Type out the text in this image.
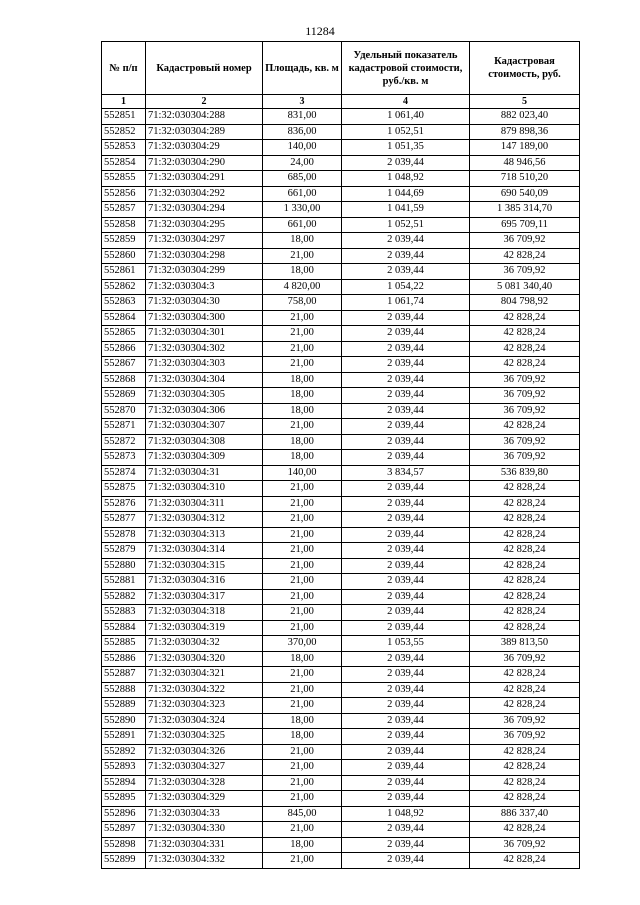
11284
№ п/п	Кадастровый номер	Площадь, кв. м	Удельный показатель кадастровой стоимости, руб./кв. м	Кадастровая стоимость, руб.
1	2	3	4	5
552851	71:32:030304:288	831,00	1 061,40	882 023,40
552852	71:32:030304:289	836,00	1 052,51	879 898,36
552853	71:32:030304:29	140,00	1 051,35	147 189,00
552854	71:32:030304:290	24,00	2 039,44	48 946,56
552855	71:32:030304:291	685,00	1 048,92	718 510,20
552856	71:32:030304:292	661,00	1 044,69	690 540,09
552857	71:32:030304:294	1 330,00	1 041,59	1 385 314,70
552858	71:32:030304:295	661,00	1 052,51	695 709,11
552859	71:32:030304:297	18,00	2 039,44	36 709,92
552860	71:32:030304:298	21,00	2 039,44	42 828,24
552861	71:32:030304:299	18,00	2 039,44	36 709,92
552862	71:32:030304:3	4 820,00	1 054,22	5 081 340,40
552863	71:32:030304:30	758,00	1 061,74	804 798,92
552864	71:32:030304:300	21,00	2 039,44	42 828,24
552865	71:32:030304:301	21,00	2 039,44	42 828,24
552866	71:32:030304:302	21,00	2 039,44	42 828,24
552867	71:32:030304:303	21,00	2 039,44	42 828,24
552868	71:32:030304:304	18,00	2 039,44	36 709,92
552869	71:32:030304:305	18,00	2 039,44	36 709,92
552870	71:32:030304:306	18,00	2 039,44	36 709,92
552871	71:32:030304:307	21,00	2 039,44	42 828,24
552872	71:32:030304:308	18,00	2 039,44	36 709,92
552873	71:32:030304:309	18,00	2 039,44	36 709,92
552874	71:32:030304:31	140,00	3 834,57	536 839,80
552875	71:32:030304:310	21,00	2 039,44	42 828,24
552876	71:32:030304:311	21,00	2 039,44	42 828,24
552877	71:32:030304:312	21,00	2 039,44	42 828,24
552878	71:32:030304:313	21,00	2 039,44	42 828,24
552879	71:32:030304:314	21,00	2 039,44	42 828,24
552880	71:32:030304:315	21,00	2 039,44	42 828,24
552881	71:32:030304:316	21,00	2 039,44	42 828,24
552882	71:32:030304:317	21,00	2 039,44	42 828,24
552883	71:32:030304:318	21,00	2 039,44	42 828,24
552884	71:32:030304:319	21,00	2 039,44	42 828,24
552885	71:32:030304:32	370,00	1 053,55	389 813,50
552886	71:32:030304:320	18,00	2 039,44	36 709,92
552887	71:32:030304:321	21,00	2 039,44	42 828,24
552888	71:32:030304:322	21,00	2 039,44	42 828,24
552889	71:32:030304:323	21,00	2 039,44	42 828,24
552890	71:32:030304:324	18,00	2 039,44	36 709,92
552891	71:32:030304:325	18,00	2 039,44	36 709,92
552892	71:32:030304:326	21,00	2 039,44	42 828,24
552893	71:32:030304:327	21,00	2 039,44	42 828,24
552894	71:32:030304:328	21,00	2 039,44	42 828,24
552895	71:32:030304:329	21,00	2 039,44	42 828,24
552896	71:32:030304:33	845,00	1 048,92	886 337,40
552897	71:32:030304:330	21,00	2 039,44	42 828,24
552898	71:32:030304:331	18,00	2 039,44	36 709,92
552899	71:32:030304:332	21,00	2 039,44	42 828,24
